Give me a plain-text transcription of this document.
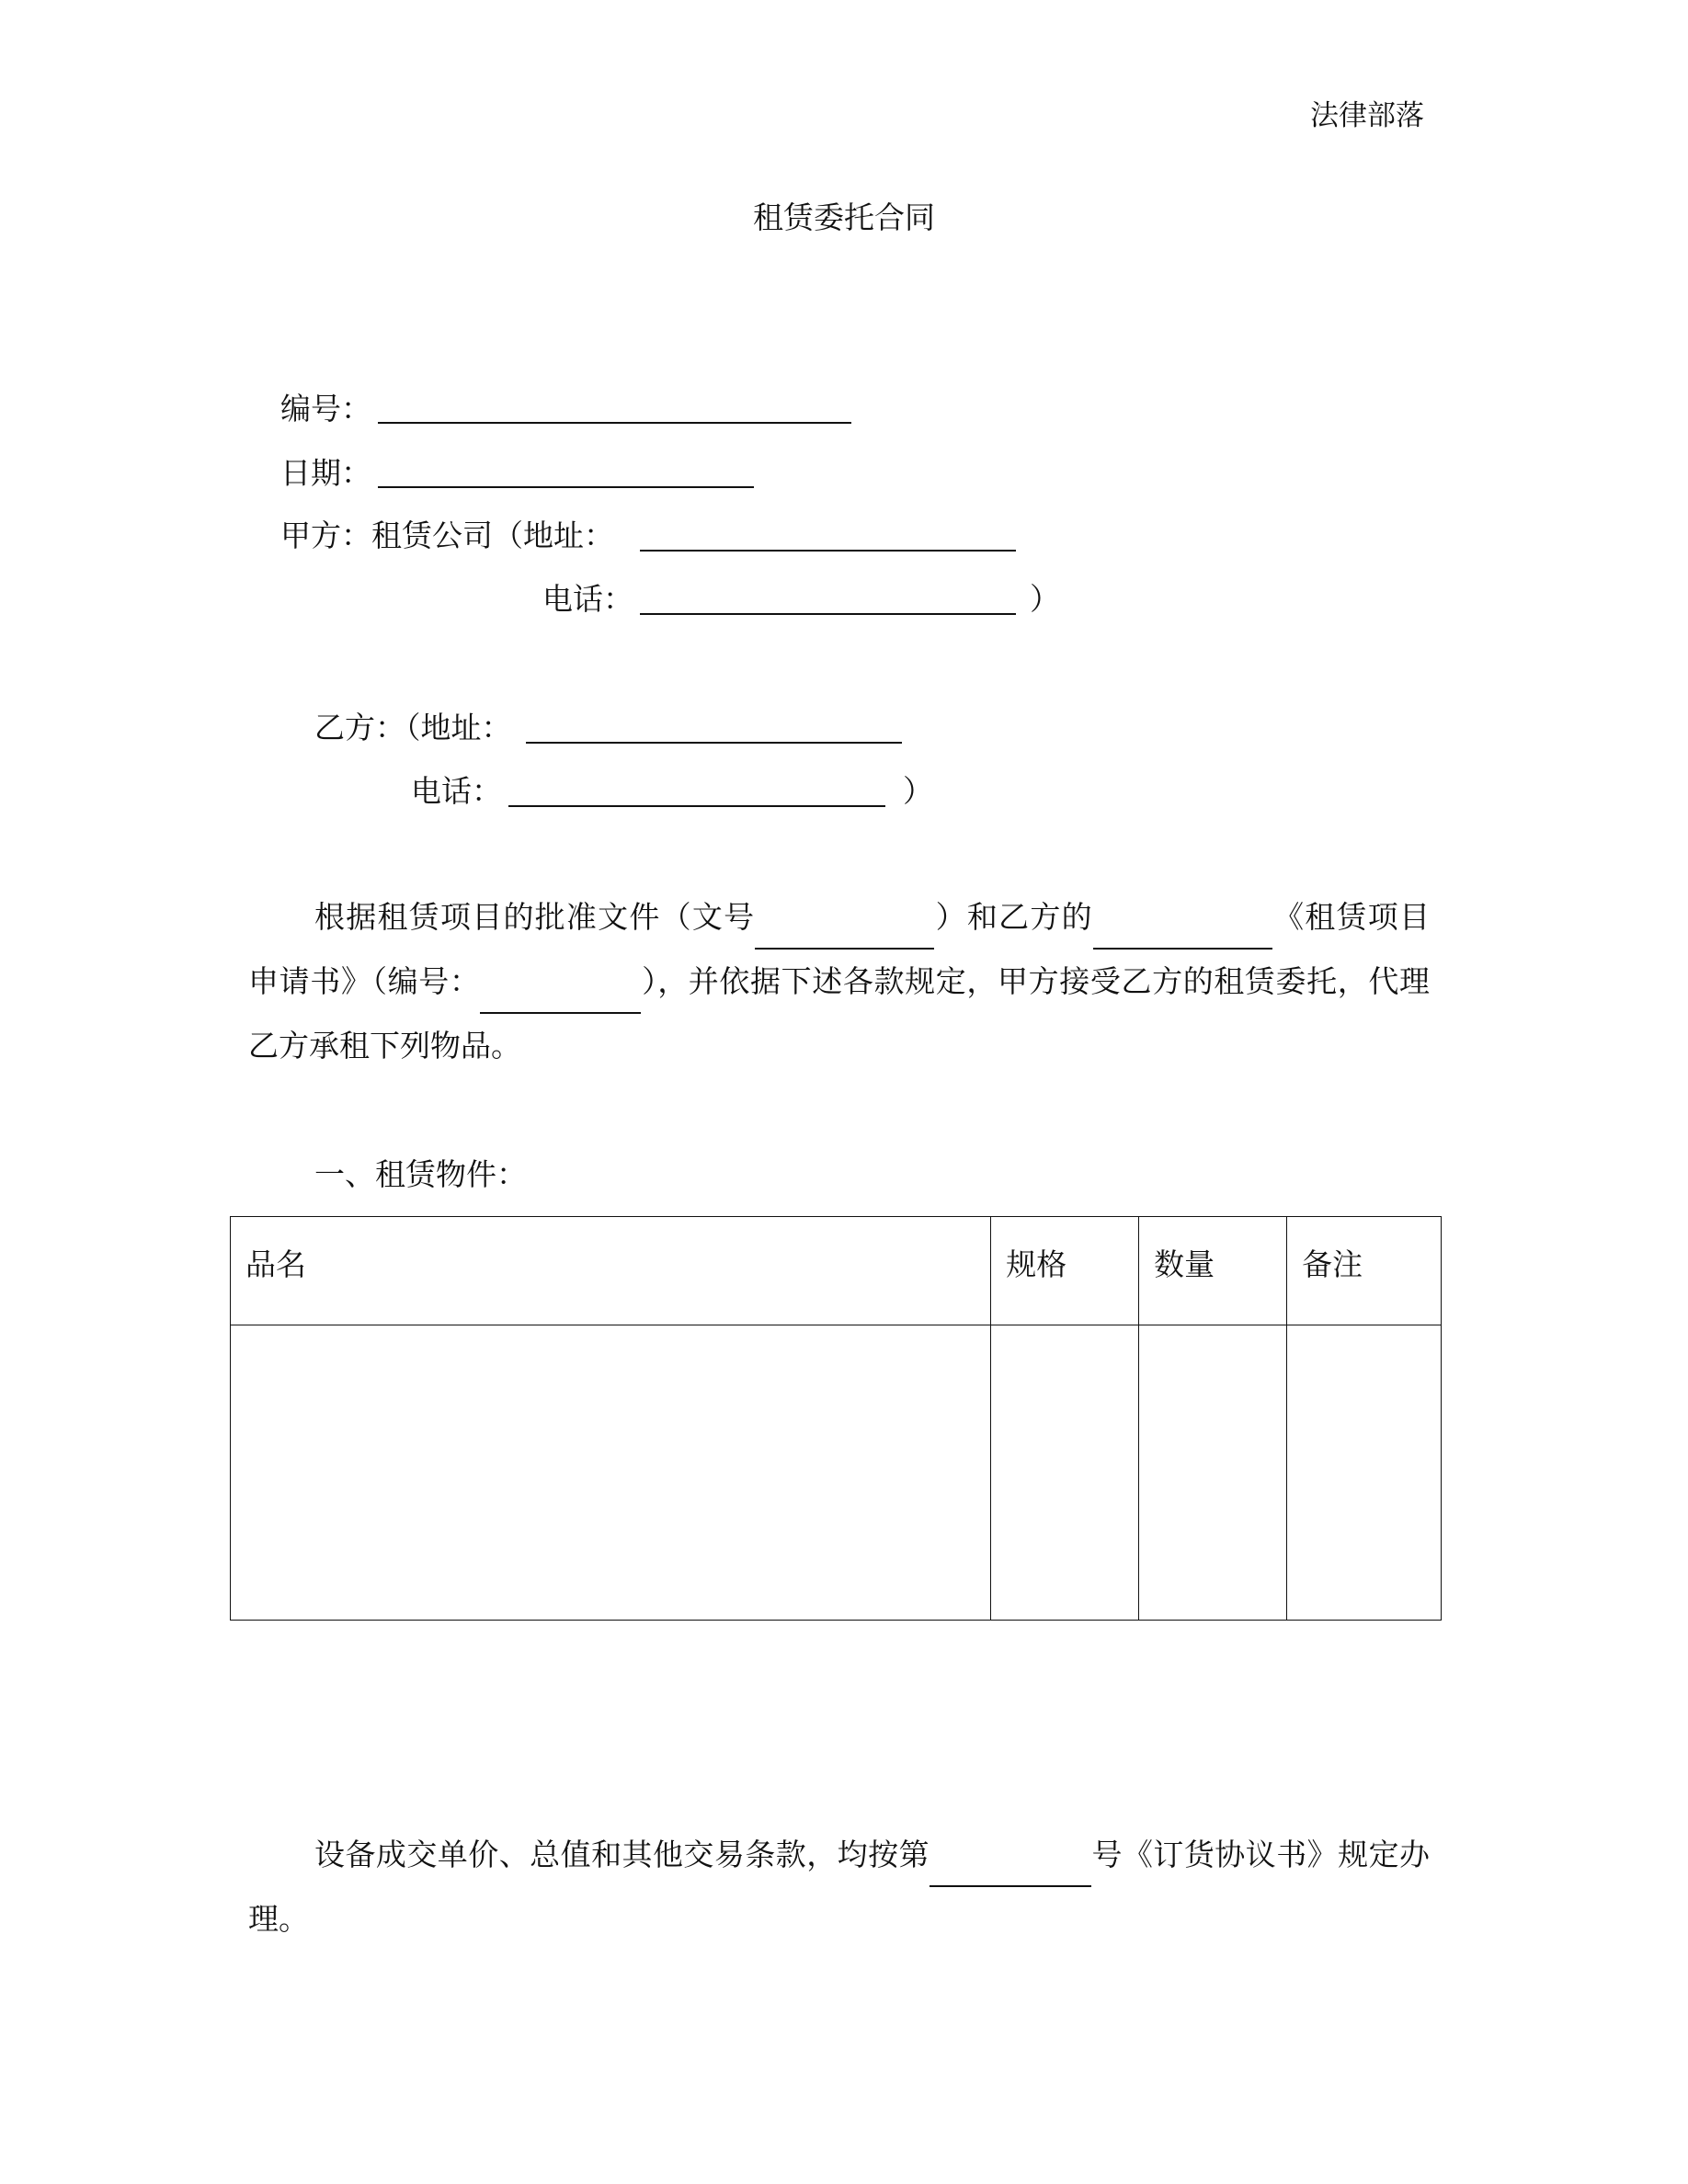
法律部落
租赁委托合同
编号：
日期：
甲方：租赁公司（地址：
电话：	）
乙方：（地址：
电话：	）
根据租赁项目的批准文件（文号	）和乙方的	《租赁项目申请书》（编号：	），并依据下述各款规定，甲方接受乙方的租赁委托，代理乙方承租下列物品。
一、租赁物件：
品名	规格	数量	备注

设备成交单价、总值和其他交易条款，均按第	号《订货协议书》规定办理。
